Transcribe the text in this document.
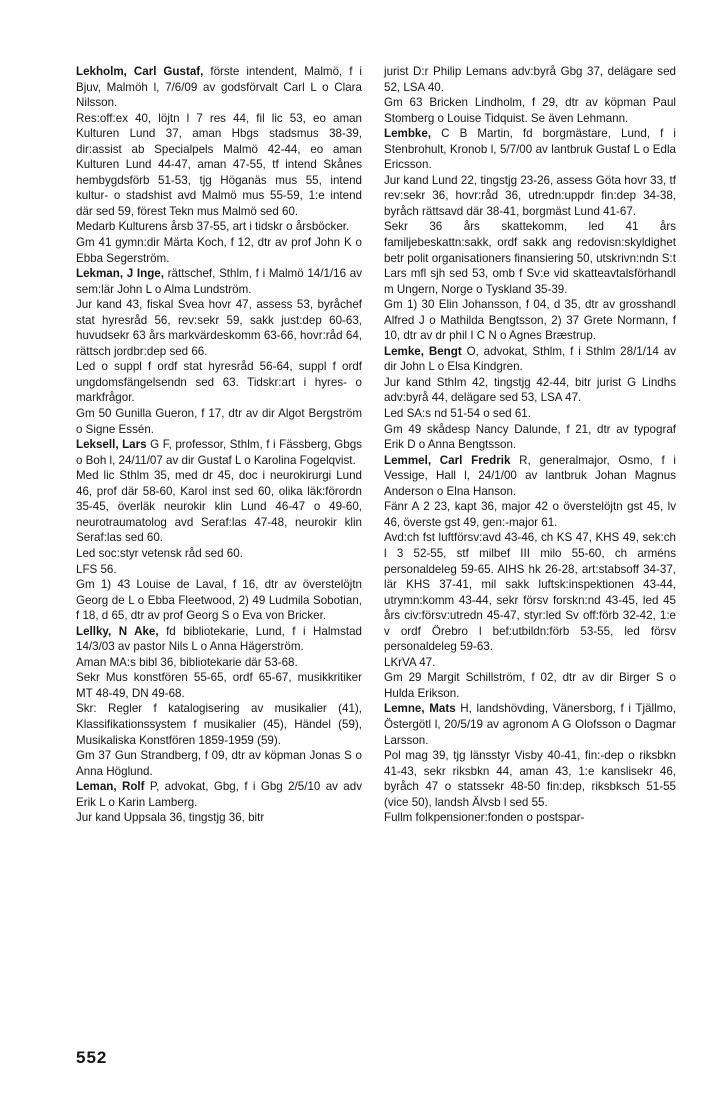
Lekholm, Carl Gustaf, förste intendent, Malmö, f i Bjuv, Malmöh l, 7/6/09 av godsförvalt Carl L o Clara Nilsson.

Res:off:ex 40, löjtn l 7 res 44, fil lic 53, eo aman Kulturen Lund 37, aman Hbgs stadsmus 38-39, dir:assist ab Specialpels Malmö 42-44, eo aman Kulturen Lund 44-47, aman 47-55, tf intend Skånes hembygdsförb 51-53, tjg Höganäs mus 55, intend kultur- o stadshist avd Malmö mus 55-59, 1:e intend där sed 59, förest Tekn mus Malmö sed 60.

Medarb Kulturens årsb 37-55, art i tidskr o årsböcker.

Gm 41 gymn:dir Märta Koch, f 12, dtr av prof John K o Ebba Segerström.

Lekman, J Inge, rättschef, Sthlm, f i Malmö 14/1/16 av sem:lär John L o Alma Lundström.

Jur kand 43, fiskal Svea hovr 47, assess 53, byråchef stat hyresråd 56, rev:sekr 59, sakk just:dep 60-63, huvudsekr 63 års markvärdeskomm 63-66, hovr:råd 64, rättsch jordbr:dep sed 66.

Led o suppl f ordf stat hyresråd 56-64, suppl f ordf ungdomsfängelsendn sed 63. Tidskr:art i hyres- o markfrågor.

Gm 50 Gunilla Gueron, f 17, dtr av dir Algot Bergström o Signe Essén.

Leksell, Lars G F, professor, Sthlm, f i Fässberg, Gbgs o Boh l, 24/11/07 av dir Gustaf L o Karolina Fogelqvist.

Med lic Sthlm 35, med dr 45, doc i neurokirurgi Lund 46, prof där 58-60, Karol inst sed 60, olika läk:förordn 35-45, överläk neurokir klin Lund 46-47 o 49-60, neurotraumatolog avd Seraf:las 47-48, neurokir klin Seraf:las sed 60.

Led soc:styr vetensk råd sed 60.

LFS 56.

Gm 1) 43 Louise de Laval, f 16, dtr av överstelöjtn Georg de L o Ebba Fleetwood, 2) 49 Ludmila Sobotian, f 18, d 65, dtr av prof Georg S o Eva von Bricker.

Lellky, N Ake, fd bibliotekarie, Lund, f i Halmstad 14/3/03 av pastor Nils L o Anna Hägerström.

Aman MA:s bibl 36, bibliotekarie där 53-68.

Sekr Mus konstfören 55-65, ordf 65-67, musikkritiker MT 48-49, DN 49-68.

Skr: Regler f katalogisering av musikalier (41), Klassifikationssystem f musikalier (45), Händel (59), Musikaliska Konstfören 1859-1959 (59).

Gm 37 Gun Strandberg, f 09, dtr av köpman Jonas S o Anna Höglund.

Leman, Rolf P, advokat, Gbg, f i Gbg 2/5/10 av adv Erik L o Karin Lamberg.

Jur kand Uppsala 36, tingstjg 36, bitr

jurist D:r Philip Lemans adv:byrå Gbg 37, delägare sed 52, LSA 40.

Gm 63 Bricken Lindholm, f 29, dtr av köpman Paul Stomberg o Louise Tidquist. Se även Lehmann.

Lembke, C B Martin, fd borgmästare, Lund, f i Stenbrohult, Kronob l, 5/7/00 av lantbruk Gustaf L o Edla Ericsson.

Jur kand Lund 22, tingstjg 23-26, assess Göta hovr 33, tf rev:sekr 36, hovr:råd 36, utredn:uppdr fin:dep 34-38, byråch rättsavd där 38-41, borgmäst Lund 41-67.

Sekr 36 års skattekomm, led 41 års familjebeskattn:sakk, ordf sakk ang redovisn:skyldighet betr polit organisationers finansiering 50, utskrivn:ndn S:t Lars mfl sjh sed 53, omb f Sv:e vid skatteavtalsförhandl m Ungern, Norge o Tyskland 35-39.

Gm 1) 30 Elin Johansson, f 04, d 35, dtr av grosshandl Alfred J o Mathilda Bengtsson, 2) 37 Grete Normann, f 10, dtr av dr phil I C N o Agnes Bræstrup.

Lemke, Bengt O, advokat, Sthlm, f i Sthlm 28/1/14 av dir John L o Elsa Kindgren.

Jur kand Sthlm 42, tingstjg 42-44, bitr jurist G Lindhs adv:byrå 44, delägare sed 53, LSA 47.

Led SA:s nd 51-54 o sed 61.

Gm 49 skådesp Nancy Dalunde, f 21, dtr av typograf Erik D o Anna Bengtsson.

Lemmel, Carl Fredrik R, generalmajor, Osmo, f i Vessige, Hall l, 24/1/00 av lantbruk Johan Magnus Anderson o Elna Hanson.

Fänr A 2 23, kapt 36, major 42 o överstelöjtn gst 45, lv 46, överste gst 49, gen:-major 61.

Avd:ch fst luftförsv:avd 43-46, ch KS 47, KHS 49, sek:ch l 3 52-55, stf milbef III milo 55-60, ch arméns personaldeleg 59-65. AIHS hk 26-28, art:stabsoff 34-37, lär KHS 37-41, mil sakk luftsk:inspektionen 43-44, utrymn:komm 43-44, sekr försv forskn:nd 43-45, led 45 års civ:försv:utredn 45-47, styr:led Sv off:förb 32-42, 1:e v ordf Örebro l bef:utbildn:förb 53-55, led försv personaldeleg 59-63.

LKrVA 47.

Gm 29 Margit Schillström, f 02, dtr av dir Birger S o Hulda Erikson.

Lemne, Mats H, landshövding, Vänersborg, f i Tjällmo, Östergötl l, 20/5/19 av agronom A G Olofsson o Dagmar Larsson.

Pol mag 39, tjg länsstyr Visby 40-41, fin:-dep o riksbkn 41-43, sekr riksbkn 44, aman 43, 1:e kanslisekr 46, byråch 47 o statssekr 48-50 fin:dep, riksbksch 51-55 (vice 50), landsh Älvsb l sed 55.

Fullm folkpensioner:fonden o postspar-

552
